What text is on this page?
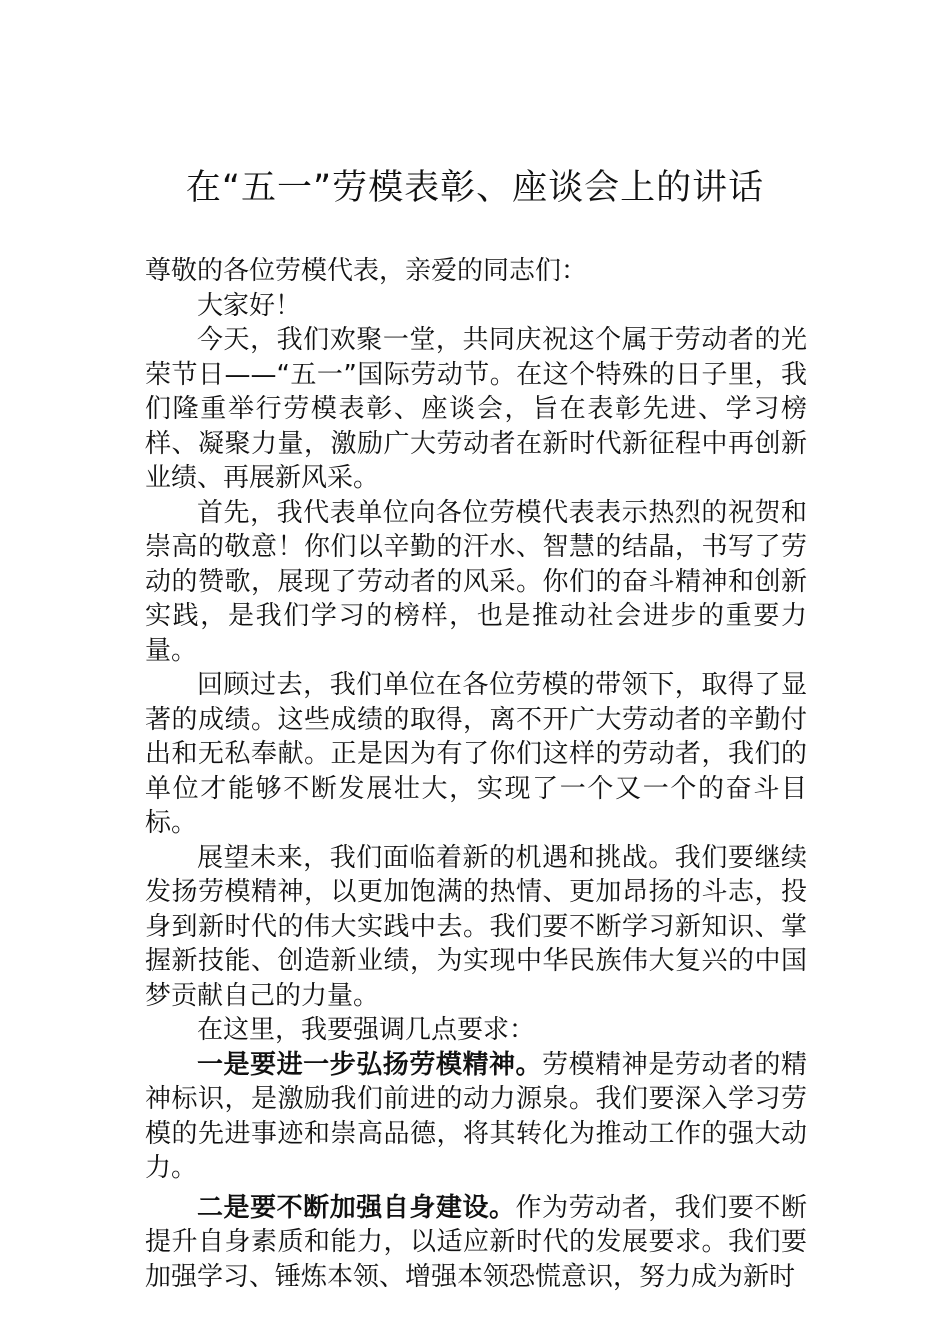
在“五一”劳模表彰、座谈会上的讲话

尊敬的各位劳模代表，亲爱的同志们：

大家好！

今天，我们欢聚一堂，共同庆祝这个属于劳动者的光荣节日——“五一”国际劳动节。在这个特殊的日子里，我们隆重举行劳模表彰、座谈会，旨在表彰先进、学习榜样、凝聚力量，激励广大劳动者在新时代新征程中再创新业绩、再展新风采。

首先，我代表单位向各位劳模代表表示热烈的祝贺和崇高的敬意！你们以辛勤的汗水、智慧的结晶，书写了劳动的赞歌，展现了劳动者的风采。你们的奋斗精神和创新实践，是我们学习的榜样，也是推动社会进步的重要力量。

回顾过去，我们单位在各位劳模的带领下，取得了显著的成绩。这些成绩的取得，离不开广大劳动者的辛勤付出和无私奉献。正是因为有了你们这样的劳动者，我们的单位才能够不断发展壮大，实现了一个又一个的奋斗目标。

展望未来，我们面临着新的机遇和挑战。我们要继续发扬劳模精神，以更加饱满的热情、更加昂扬的斗志，投身到新时代的伟大实践中去。我们要不断学习新知识、掌握新技能、创造新业绩，为实现中华民族伟大复兴的中国梦贡献自己的力量。

在这里，我要强调几点要求：

一是要进一步弘扬劳模精神。劳模精神是劳动者的精神标识，是激励我们前进的动力源泉。我们要深入学习劳模的先进事迹和崇高品德，将其转化为推动工作的强大动力。

二是要不断加强自身建设。作为劳动者，我们要不断提升自身素质和能力，以适应新时代的发展要求。我们要加强学习、锤炼本领、增强本领恐慌意识，努力成为新时
